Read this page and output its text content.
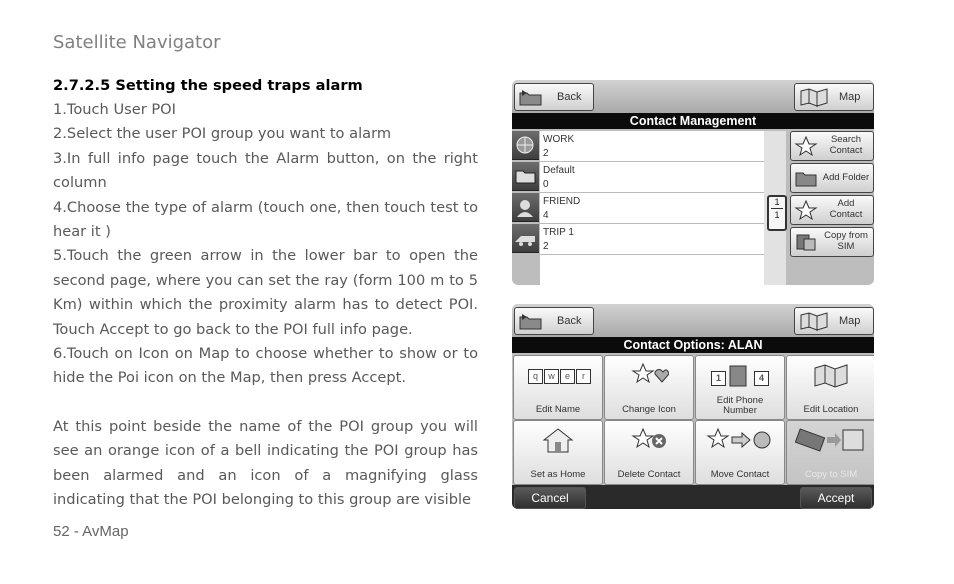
Satellite Navigator
2.7.2.5 Setting the speed traps alarm

1.Touch User POI

2.Select the user POI group you want to alarm

3.In full info page touch the Alarm button, on the right column

4.Choose the type of alarm (touch one, then touch test to hear it )

5.Touch the green arrow in the lower bar to open the second page, where you can set the ray (form 100 m to 5 Km) within which the proximity alarm has to detect POI. Touch Accept to go back to the POI full info page.

6.Touch on Icon on Map to choose whether to show or to hide the Poi icon on the Map, then press Accept.

At this point beside the name of the POI group you will see an orange icon of a bell indicating the POI group has been alarmed and an icon of a magnifying glass indicating that the POI belonging to this group are visible

52 - AvMap
Back	Map
Contact Management
WORK
2
Default
0
FRIEND
4
TRIP 1
2
1
1
Search Contact
Add Folder
Add Contact
Copy from SIM
Back	Map
Contact Options: ALAN
q	w	e	r
Edit Name	Change Icon
1	4
Edit Phone Number	Edit Location
Set as Home	Delete Contact	Move Contact	Copy to SIM
Cancel	Accept
